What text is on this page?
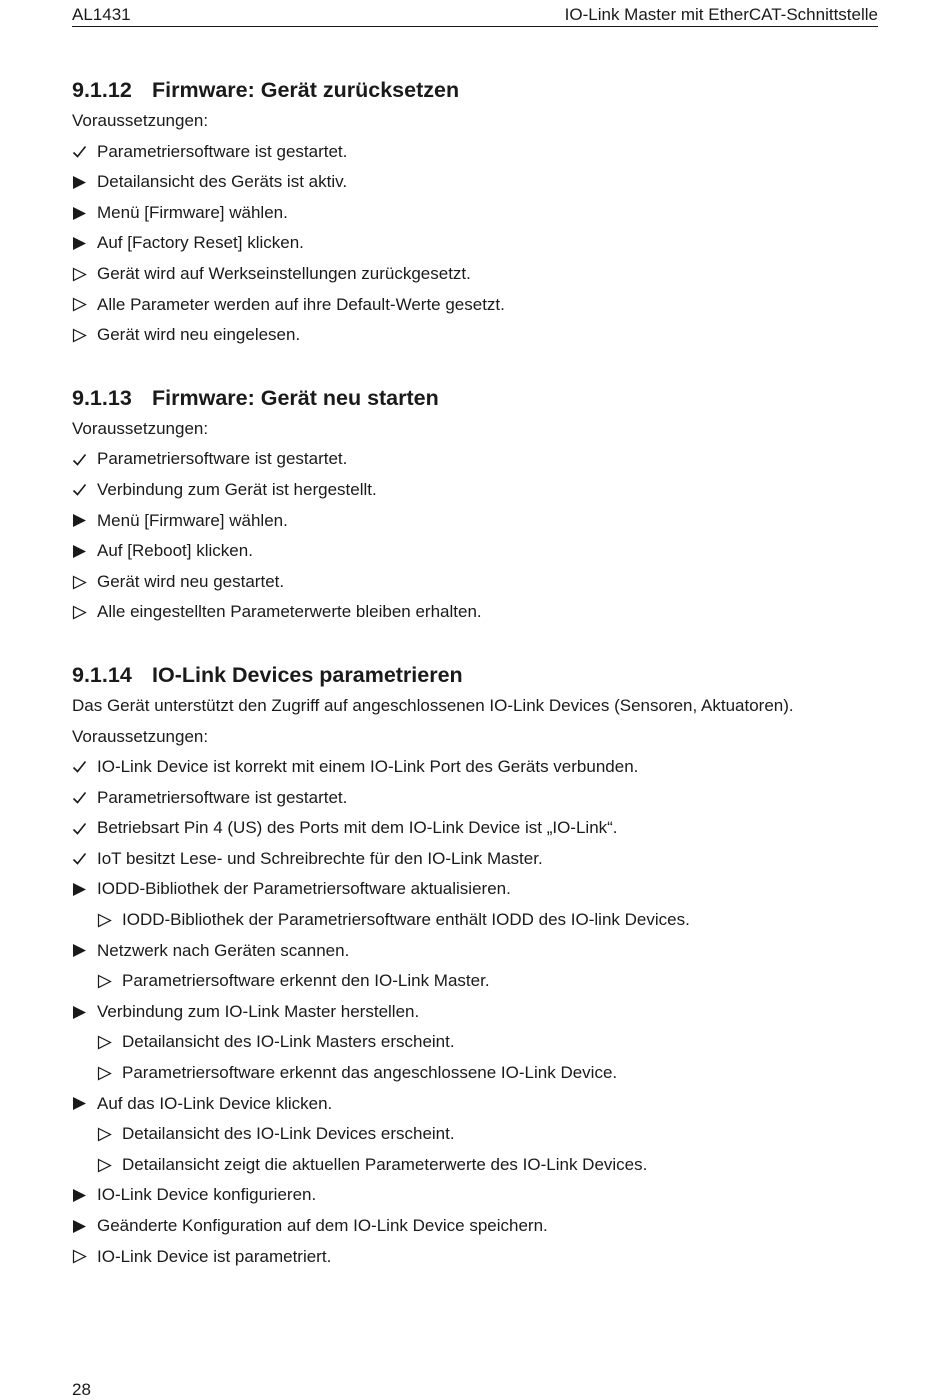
AL1431	IO-Link Master mit EtherCAT-Schnittstelle
9.1.12 Firmware: Gerät zurücksetzen
Voraussetzungen:
Parametriersoftware ist gestartet.
Detailansicht des Geräts ist aktiv.
Menü [Firmware] wählen.
Auf [Factory Reset] klicken.
Gerät wird auf Werkseinstellungen zurückgesetzt.
Alle Parameter werden auf ihre Default-Werte gesetzt.
Gerät wird neu eingelesen.
9.1.13 Firmware: Gerät neu starten
Voraussetzungen:
Parametriersoftware ist gestartet.
Verbindung zum Gerät ist hergestellt.
Menü [Firmware] wählen.
Auf [Reboot] klicken.
Gerät wird neu gestartet.
Alle eingestellten Parameterwerte bleiben erhalten.
9.1.14 IO-Link Devices parametrieren
Das Gerät unterstützt den Zugriff auf angeschlossenen IO-Link Devices (Sensoren, Aktuatoren).
Voraussetzungen:
IO-Link Device ist korrekt mit einem IO-Link Port des Geräts verbunden.
Parametriersoftware ist gestartet.
Betriebsart Pin 4 (US) des Ports mit dem IO-Link Device ist „IO-Link“.
IoT besitzt Lese- und Schreibrechte für den IO-Link Master.
IODD-Bibliothek der Parametriersoftware aktualisieren.
IODD-Bibliothek der Parametriersoftware enthält IODD des IO-link Devices.
Netzwerk nach Geräten scannen.
Parametriersoftware erkennt den IO-Link Master.
Verbindung zum IO-Link Master herstellen.
Detailansicht des IO-Link Masters erscheint.
Parametriersoftware erkennt das angeschlossene IO-Link Device.
Auf das IO-Link Device klicken.
Detailansicht des IO-Link Devices erscheint.
Detailansicht zeigt die aktuellen Parameterwerte des IO-Link Devices.
IO-Link Device konfigurieren.
Geänderte Konfiguration auf dem IO-Link Device speichern.
IO-Link Device ist parametriert.
28
